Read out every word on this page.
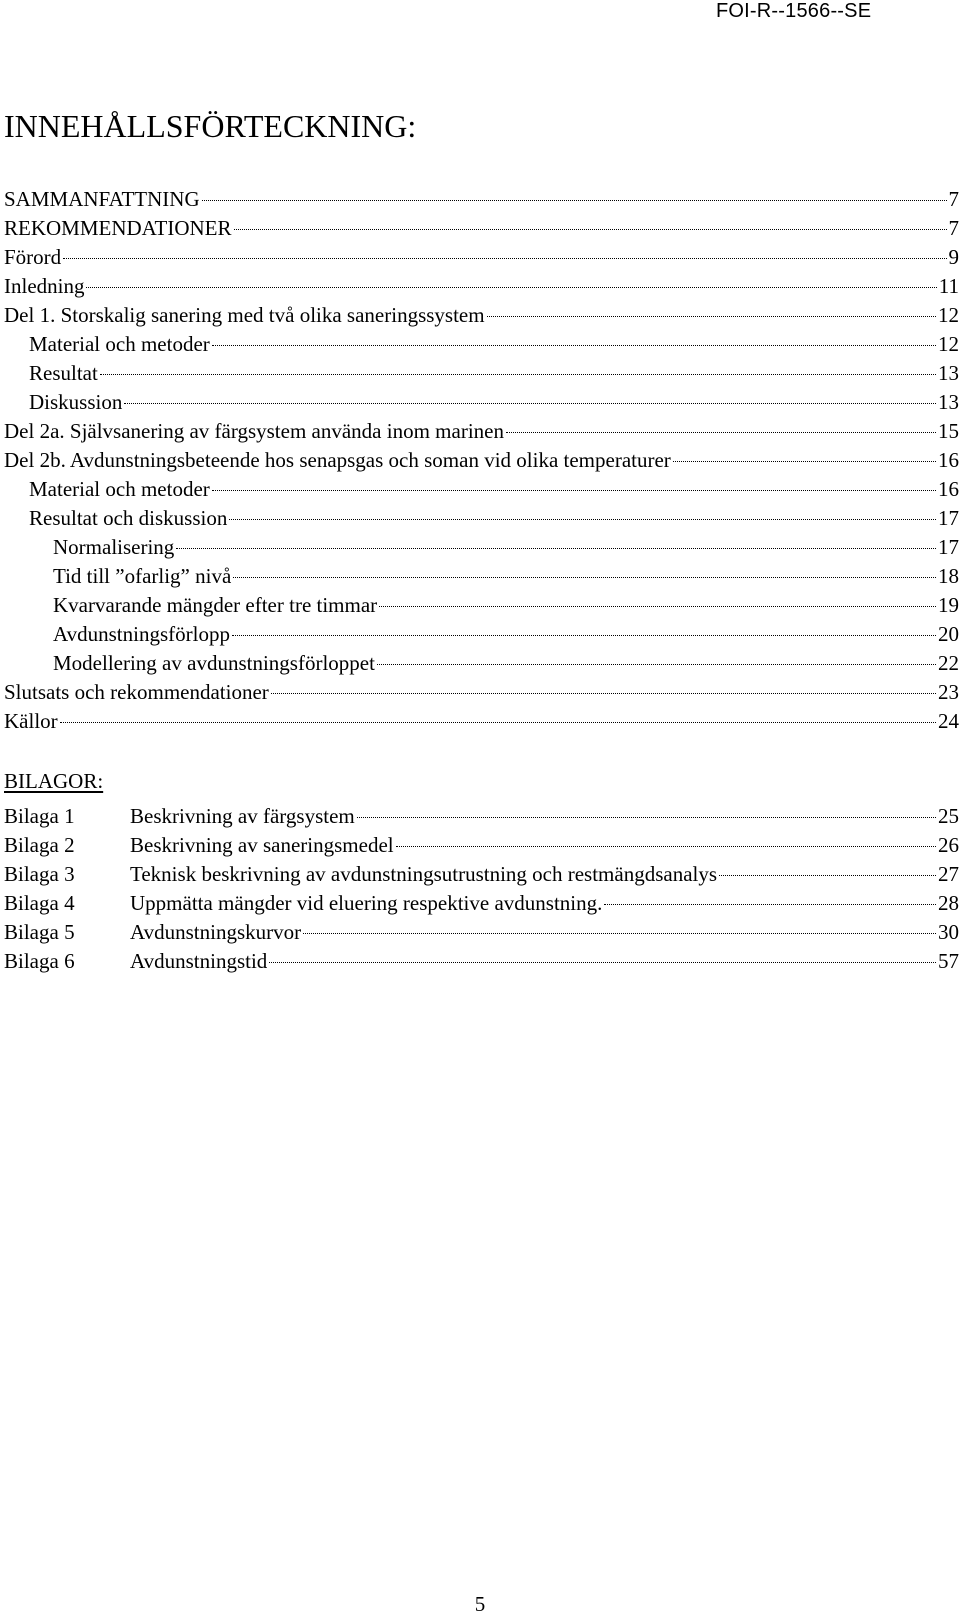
FOI-R--1566--SE
INNEHÅLLSFÖRTECKNING:
SAMMANFATTNING	7
REKOMMENDATIONER	7
Förord	9
Inledning	11
Del 1. Storskalig sanering med två olika saneringssystem	12
Material och metoder	12
Resultat	13
Diskussion	13
Del 2a. Självsanering av färgsystem använda inom marinen	15
Del 2b. Avdunstningsbeteende hos senapsgas och soman vid olika temperaturer	16
Material och metoder	16
Resultat och diskussion	17
Normalisering	17
Tid till ”ofarlig” nivå	18
Kvarvarande mängder efter tre timmar	19
Avdunstningsförlopp	20
Modellering av avdunstningsförloppet	22
Slutsats och rekommendationer	23
Källor	24
BILAGOR:
Bilaga 1	Beskrivning av färgsystem	25
Bilaga 2	Beskrivning av saneringsmedel	26
Bilaga 3	Teknisk beskrivning av avdunstningsutrustning och restmängdsanalys	27
Bilaga 4	Uppmätta mängder vid eluering respektive avdunstning.	28
Bilaga 5	Avdunstningskurvor	30
Bilaga 6	Avdunstningstid	57
5
